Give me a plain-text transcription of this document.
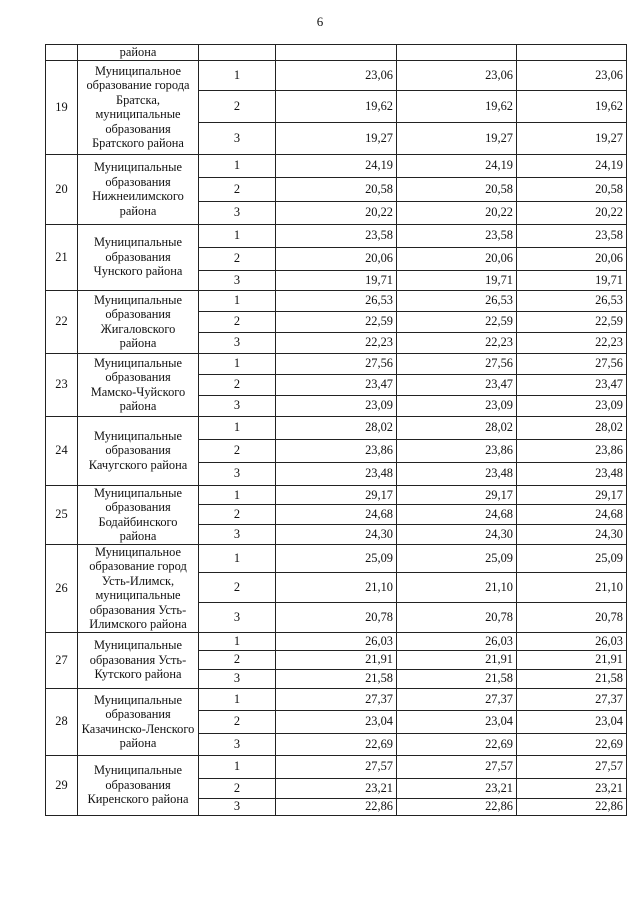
6
	района				
19	Муниципальное образование города Братска, муниципальные образования Братского района	1	23,06	23,06	23,06
		2	19,62	19,62	19,62
		3	19,27	19,27	19,27
20	Муниципальные образования Нижнеилимского района	1	24,19	24,19	24,19
		2	20,58	20,58	20,58
		3	20,22	20,22	20,22
21	Муниципальные образования Чунского района	1	23,58	23,58	23,58
		2	20,06	20,06	20,06
		3	19,71	19,71	19,71
22	Муниципальные образования Жигаловского района	1	26,53	26,53	26,53
		2	22,59	22,59	22,59
		3	22,23	22,23	22,23
23	Муниципальные образования Мамско-Чуйского района	1	27,56	27,56	27,56
		2	23,47	23,47	23,47
		3	23,09	23,09	23,09
24	Муниципальные образования Качугского района	1	28,02	28,02	28,02
		2	23,86	23,86	23,86
		3	23,48	23,48	23,48
25	Муниципальные образования Бодайбинского района	1	29,17	29,17	29,17
		2	24,68	24,68	24,68
		3	24,30	24,30	24,30
26	Муниципальное образование город Усть-Илимск, муниципальные образования Усть-Илимского района	1	25,09	25,09	25,09
		2	21,10	21,10	21,10
		3	20,78	20,78	20,78
27	Муниципальные образования Усть-Кутского района	1	26,03	26,03	26,03
		2	21,91	21,91	21,91
		3	21,58	21,58	21,58
28	Муниципальные образования Казачинско-Ленского района	1	27,37	27,37	27,37
		2	23,04	23,04	23,04
		3	22,69	22,69	22,69
29	Муниципальные образования Киренского района	1	27,57	27,57	27,57
		2	23,21	23,21	23,21
		3	22,86	22,86	22,86
